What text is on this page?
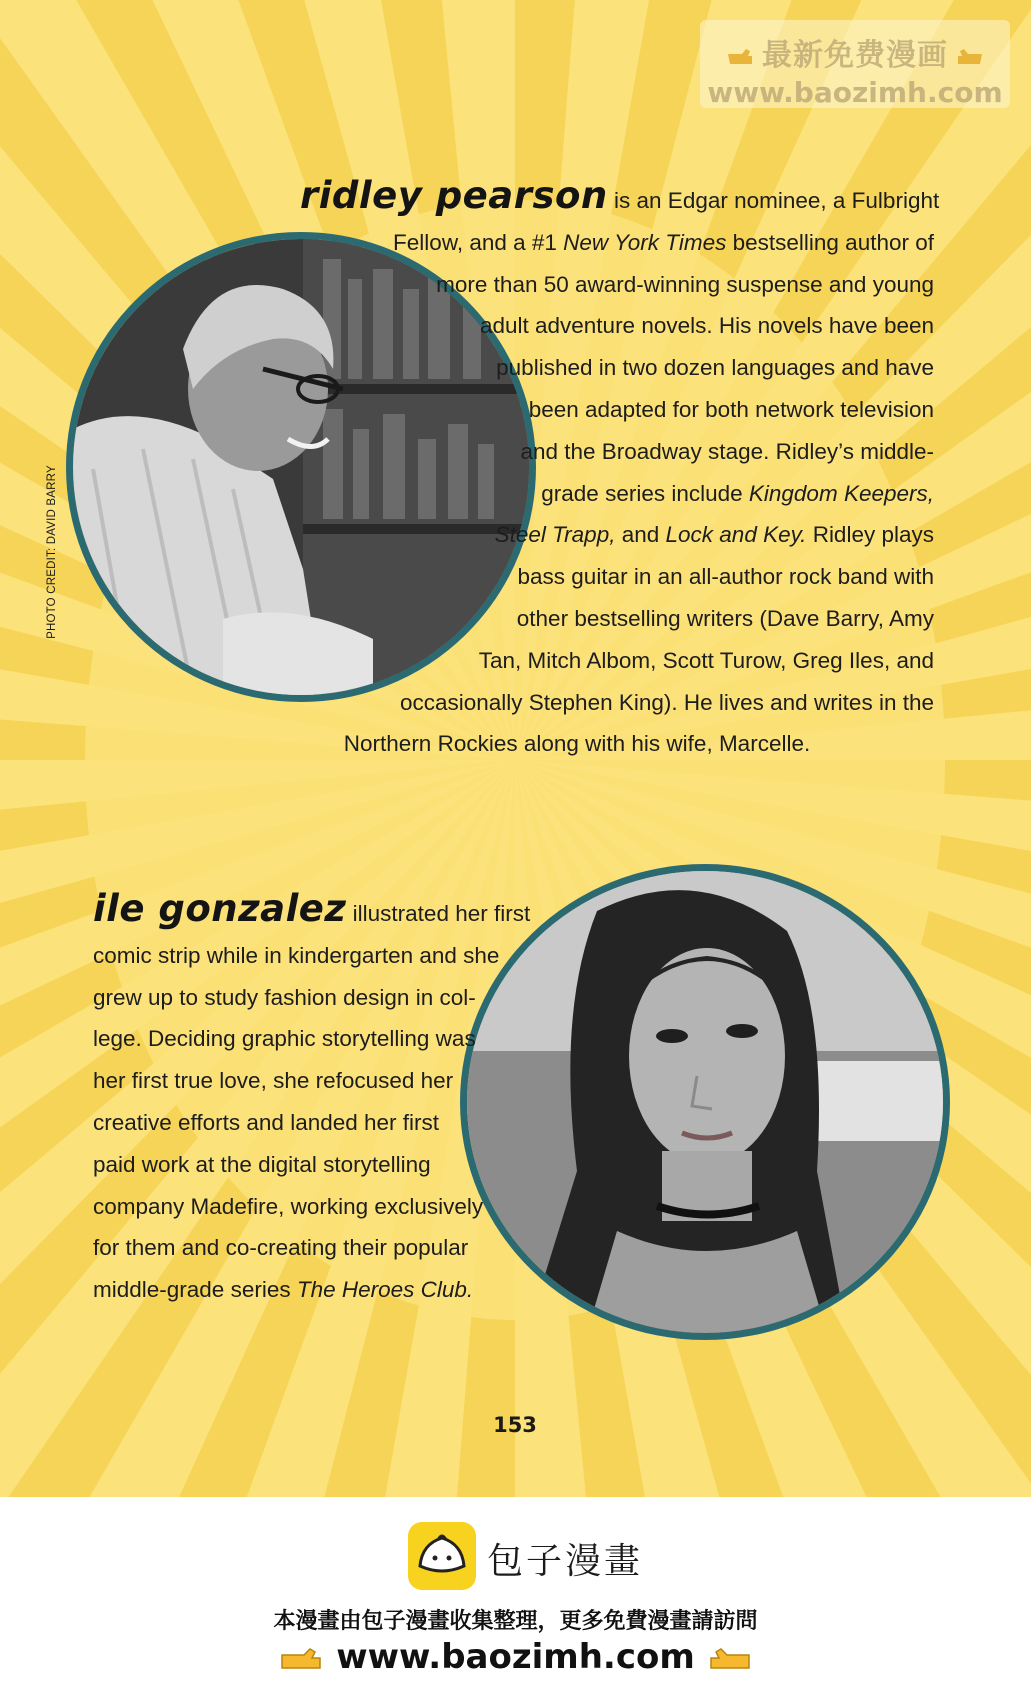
最新免费漫画
www.baozimh.com
PHOTO CREDIT: DAVID BARRY
ridley pearson is an Edgar nominee, a Fulbright
Fellow, and a #1 New York Times bestselling author of
more than 50 award-winning suspense and young
adult adventure novels. His novels have been
published in two dozen languages and have
been adapted for both network television
and the Broadway stage. Ridley’s middle-
grade series include Kingdom Keepers,
Steel Trapp, and Lock and Key. Ridley plays
bass guitar in an all-author rock band with
other bestselling writers (Dave Barry, Amy
Tan, Mitch Albom, Scott Turow, Greg Iles, and
occasionally Stephen King). He lives and writes in the
Northern Rockies along with his wife, Marcelle.
ile gonzalez illustrated her first
comic strip while in kindergarten and she
grew up to study fashion design in col-
lege. Deciding graphic storytelling was
her first true love, she refocused her
creative efforts and landed her first
paid work at the digital storytelling
company Madefire, working exclusively
for them and co-creating their popular
middle-grade series The Heroes Club.
153
包子漫畫
本漫畫由包子漫畫收集整理，更多免費漫畫請訪問
www.baozimh.com
